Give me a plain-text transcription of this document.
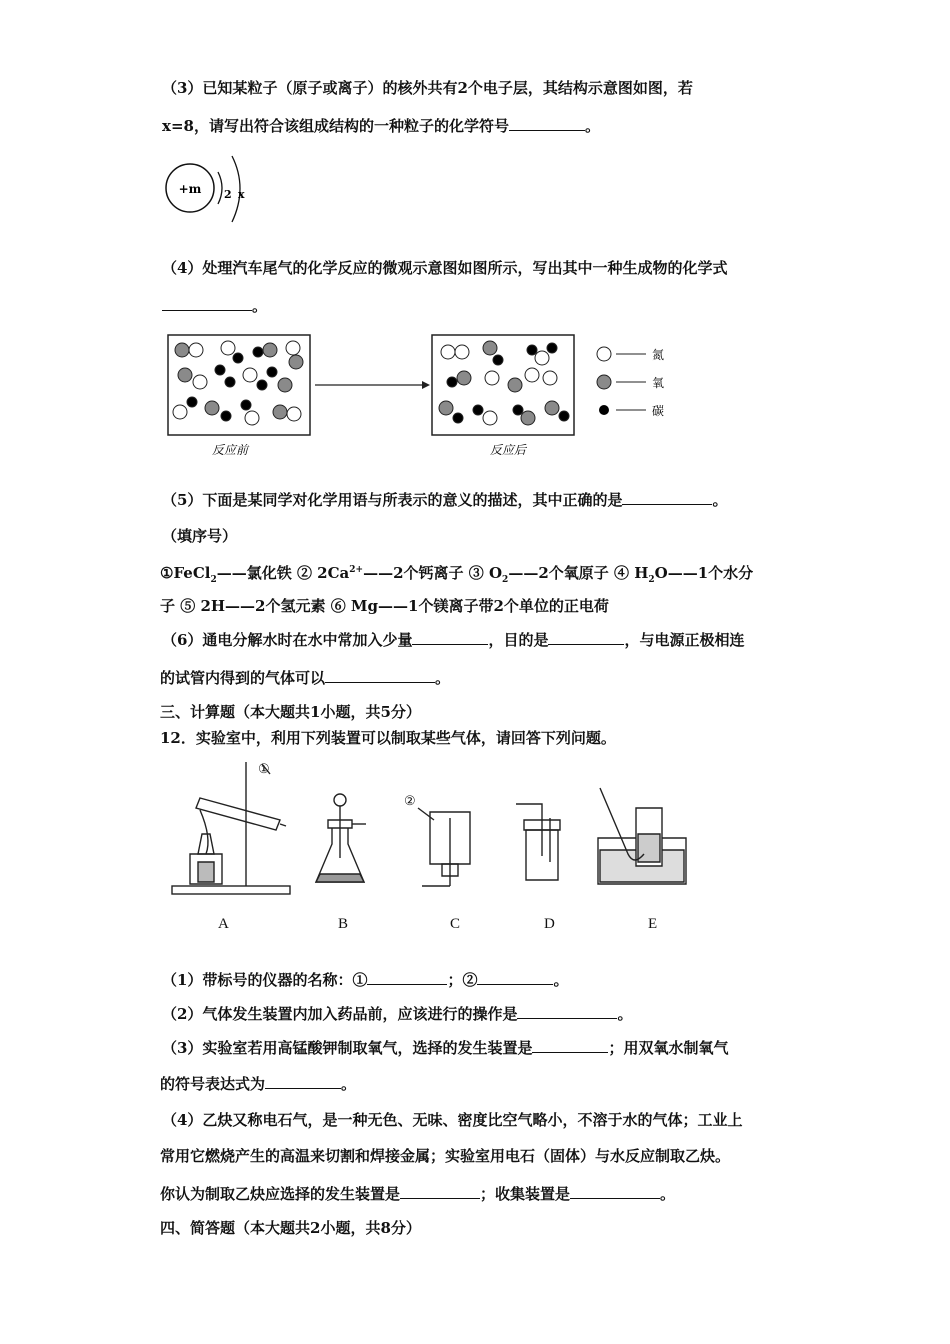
（3）已知某粒子（原子或离子）的核外共有2个电子层，其结构示意图如图，若
x=8，请写出符合该组成结构的一种粒子的化学符号	。
+m 2 x
（4）处理汽车尾气的化学反应的微观示意图如图所示，写出其中一种生成物的化学式
。
氮
氧
碳
反应前	反应后
（5）下面是某同学对化学用语与所表示的意义的描述，其中正确的是	。
（填序号）
①FeCl$_2$——氯化铁 ② $2Ca^{2+}——2$个钙离子 ③ $O_2——2$个氧原子 ④ $H_2O——1$个水分
子 ⑤ 2H——2个氢元素 ⑥ Mg——1个镁离子带2个单位的正电荷
（6）通电分解水时在水中常加入少量	，目的是	，与电源正极相连
的试管内得到的气体可以	。
三、计算题（本大题共1小题，共5分）
12．实验室中，利用下列装置可以制取某些气体，请回答下列问题。
①
②
A	B	C	D	E
（1）带标号的仪器的名称：①	；②	。
（2）气体发生装置内加入药品前，应该进行的操作是	。
（3）实验室若用高锰酸钾制取氧气，选择的发生装置是	；用双氧水制氧气
的符号表达式为	。
（4）乙炔又称电石气，是一种无色、无味、密度比空气略小，不溶于水的气体；工业上
常用它燃烧产生的高温来切割和焊接金属；实验室用电石（固体）与水反应制取乙炔。
你认为制取乙炔应选择的发生装置是	；收集装置是	。
四、简答题（本大题共2小题，共8分）
